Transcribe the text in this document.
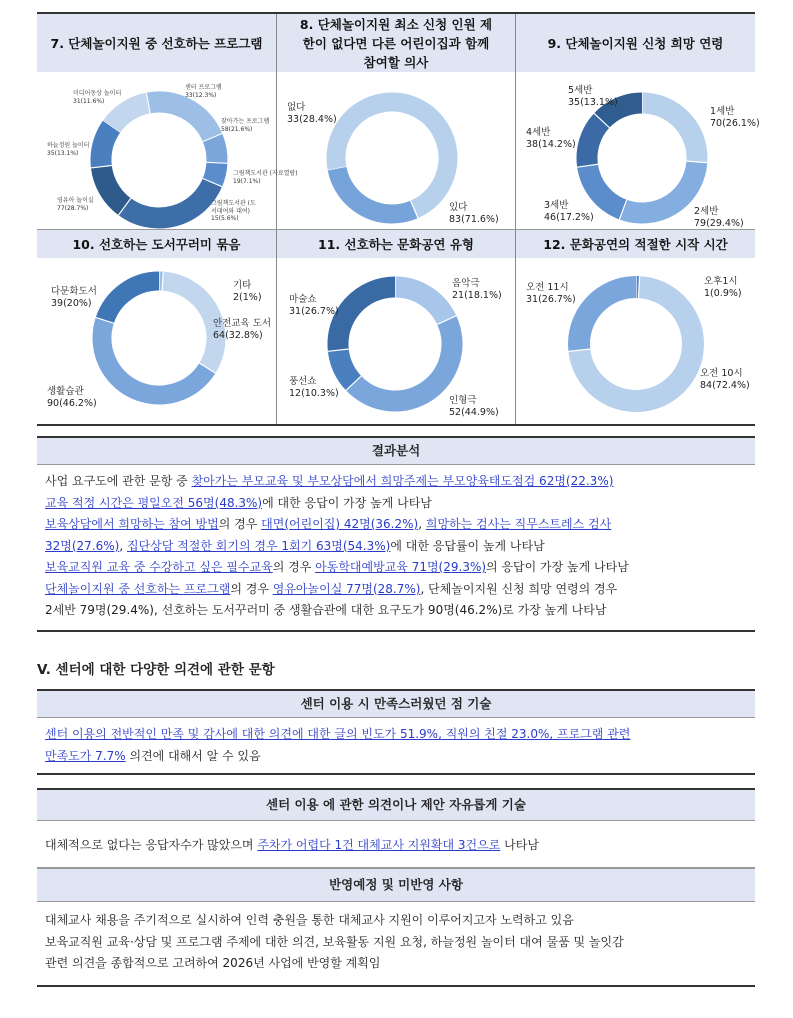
7. 단체놀이지원 중 선호하는 프로그램
8. 단체놀이지원 최소 신청 인원 제한이 없다면 다른 어린이집과 함께 참여할 의사
9. 단체놀이지원 신청 희망 연령
10. 선호하는 도서꾸러미 묶음	11. 선호하는 문화공연 유형	12. 문화공연의 적절한 시작 시간
센터 프로그램
33(12.3%)
찾아가는 프로그램
58(21.6%)
그림책도서관 (자료열람)
19(7.1%)
그림책도서관 (도서대여와 대여)
15(5.6%)
영유아 놀이실
77(28.7%)
하늘정원 놀이터
35(13.1%)
미디어동상 놀이터
31(11.6%)
없다
33(28.4%)
있다
83(71.6%)
1세반
70(26.1%)
2세반
79(29.4%)
3세반
46(17.2%)
4세반
38(14.2%)
5세반
35(13.1%)
기타
2(1%)
안전교육 도서
64(32.8%)
생활습관
90(46.2%)
다문화도서
39(20%)
음악극
21(18.1%)
인형극
52(44.9%)
풍선쇼
12(10.3%)
마술쇼
31(26.7%)
오후1시
1(0.9%)
오전 10시
84(72.4%)
오전 11시
31(26.7%)
결과분석

사업 요구도에 관한 문항 중 찾아가는 부모교육 및 부모상담에서 희망주제는 부모양육태도점검 62명(22.3%)

교육 적정 시간은 평일오전 56명(48.3%)에 대한 응답이 가장 높게 나타남

보육상담에서 희망하는 참여 방법의 경우 대면(어린이집) 42명(36.2%), 희망하는 검사는 직무스트레스 검사

32명(27.6%), 집단상담 적절한 회기의 경우 1회기 63명(54.3%)에 대한 응답률이 높게 나타남

보육교직원 교육 중 수강하고 싶은 필수교육의 경우 아동학대예방교육 71명(29.3%)의 응답이 가장 높게 나타남

단체놀이지원 중 선호하는 프로그램의 경우 영유아놀이실 77명(28.7%), 단체놀이지원 신청 희망 연령의 경우

2세반 79명(29.4%), 선호하는 도서꾸러미 중 생활습관에 대한 요구도가 90명(46.2%)로 가장 높게 나타남

V. 센터에 대한 다양한 의견에 관한 문항
센터 이용 시 만족스러웠던 점 기술

센터 이용의 전반적인 만족 및 감사에 대한 의견에 대한 글의 빈도가 51.9%, 직원의 친절 23.0%, 프로그램 관련

만족도가 7.7% 의견에 대해서 알 수 있음

센터 이용 에 관한 의견이나 제안 자유롭게 기술
대체적으로 없다는 응답자수가 많았으며 주차가 어렵다 1건 대체교사 지원확대 3건으로 나타남
반영예정 및 미반영 사항

대체교사 채용을 주기적으로 실시하여 인력 충원을 통한 대체교사 지원이 이루어지고자 노력하고 있음

보육교직원 교육·상담 및 프로그램 주제에 대한 의견, 보육활동 지원 요청, 하늘정원 놀이터 대여 물품 및 놀잇감

관련 의견을 종합적으로 고려하여 2026년 사업에 반영할 계획임
